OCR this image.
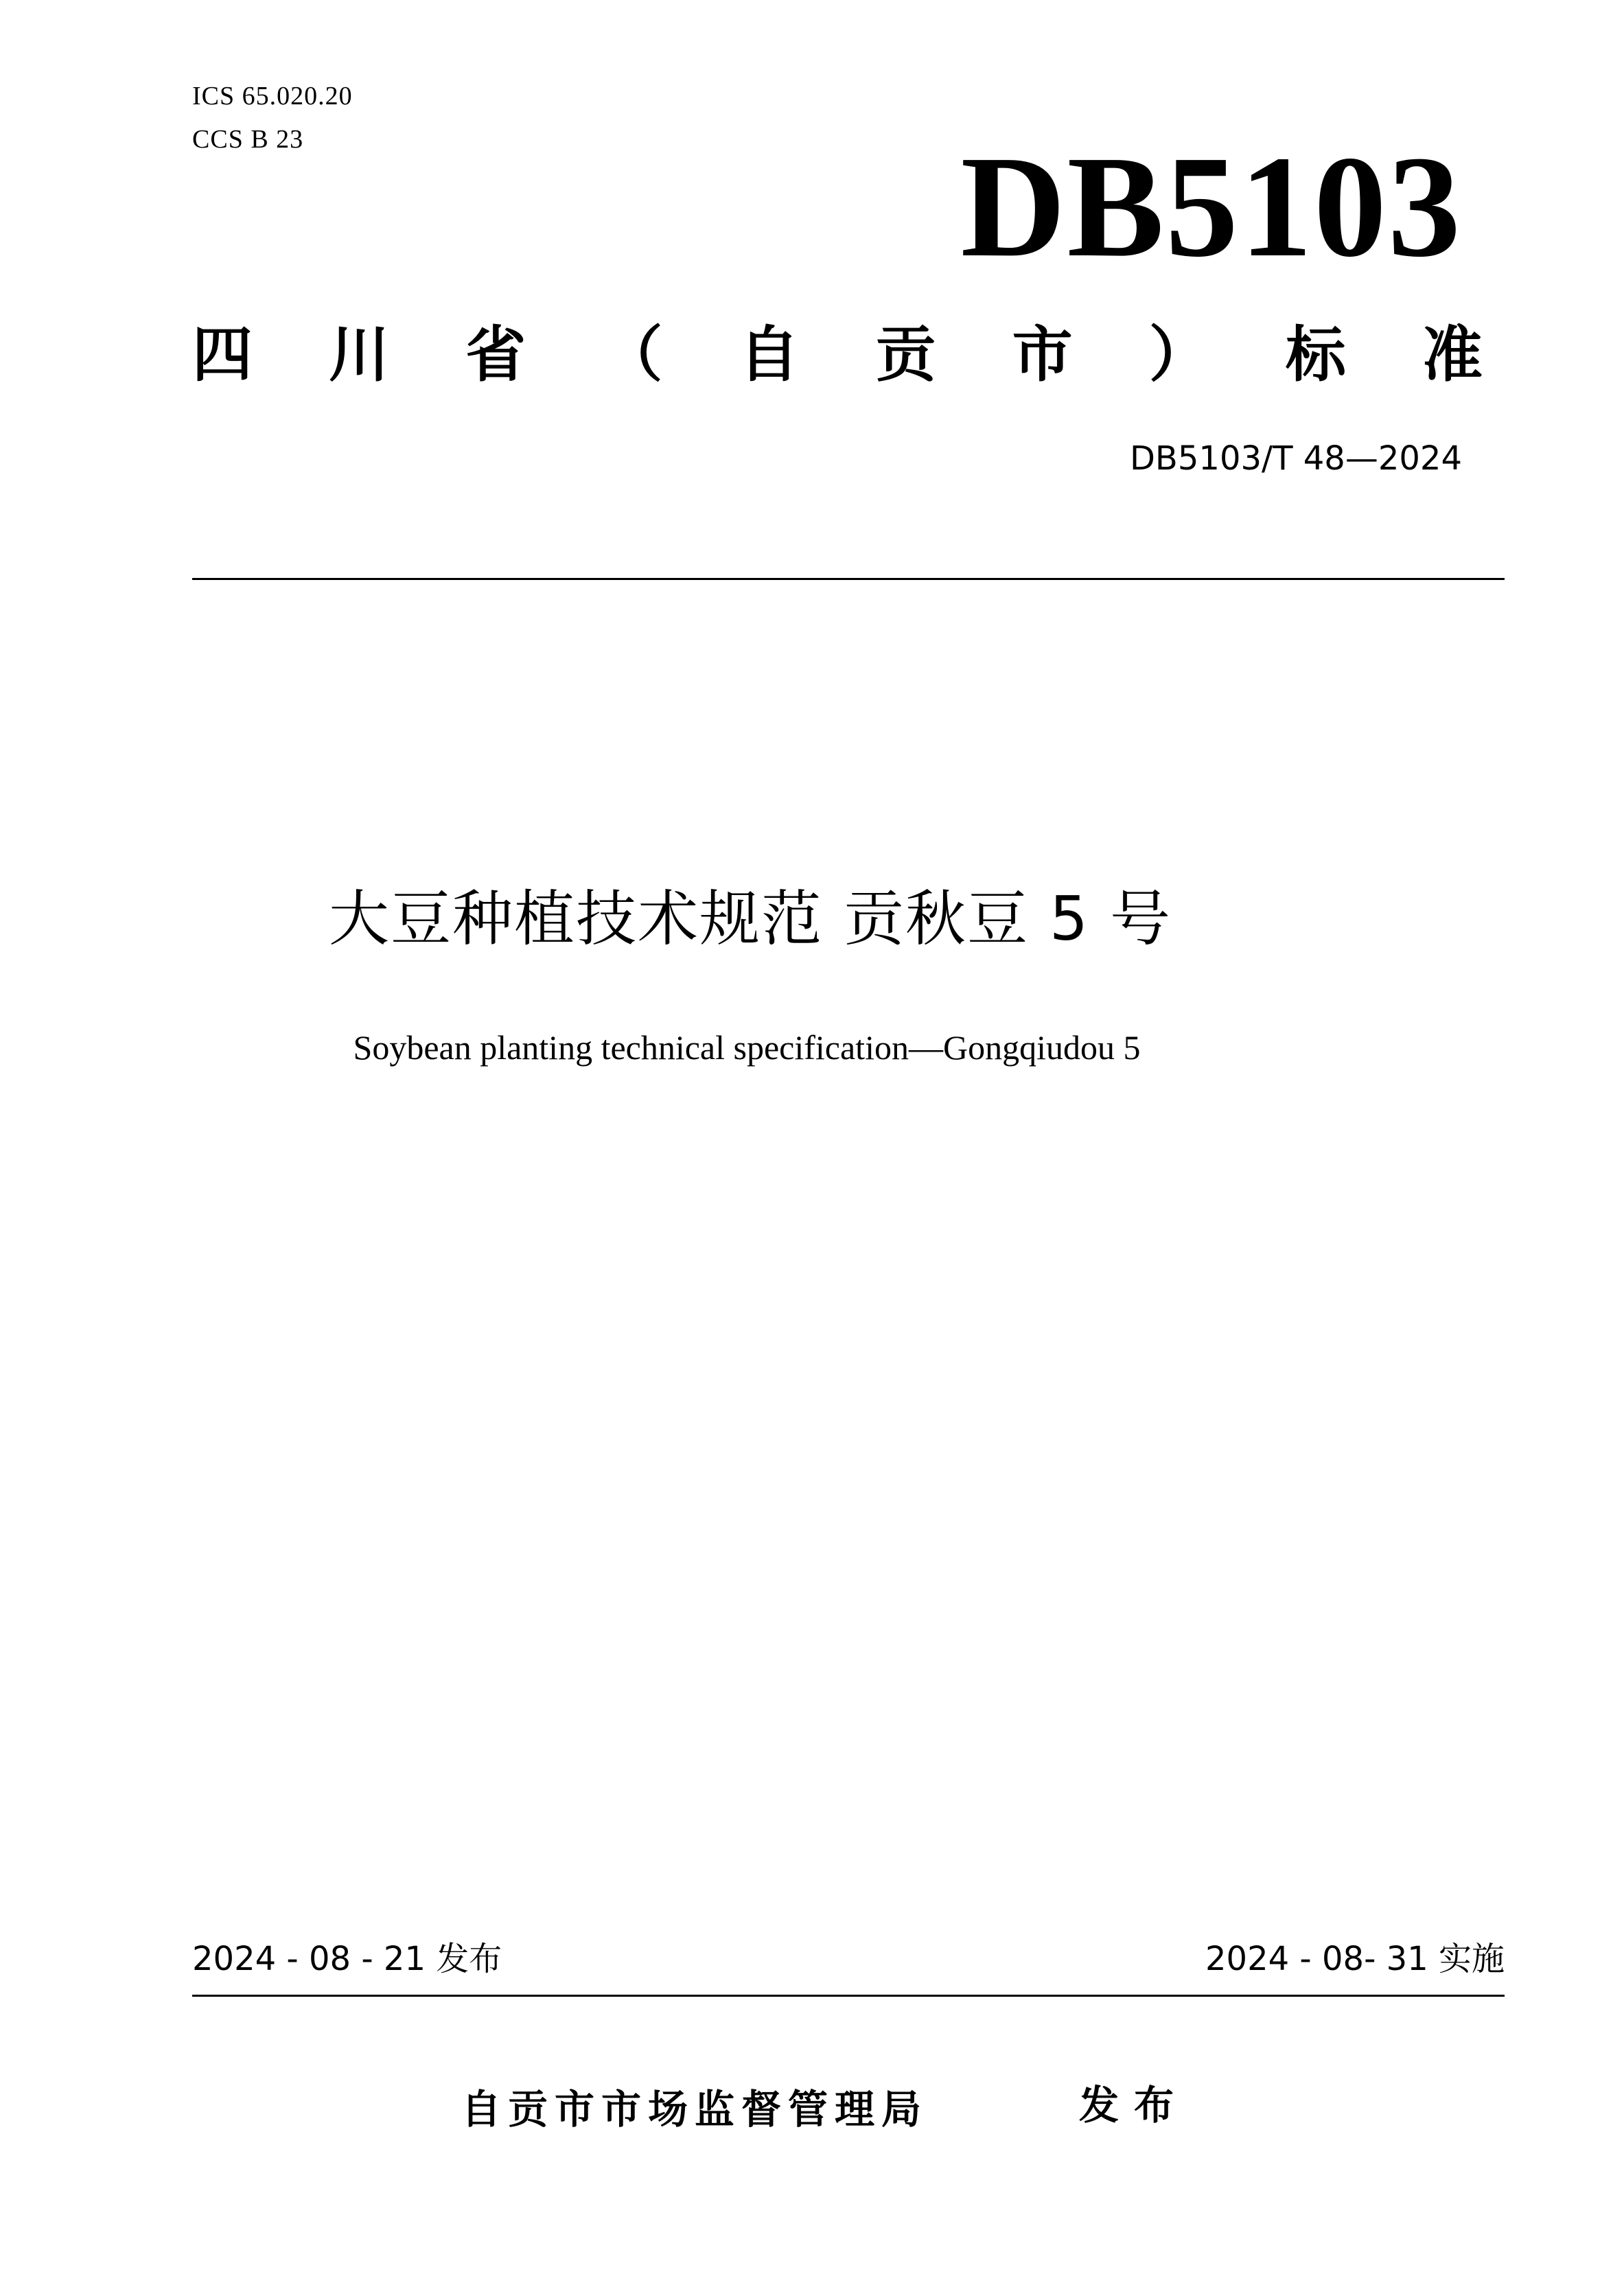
ICS 65.020.20
CCS B 23	DB5103
四 川 省 （ 自 贡 市 ） 标 准
DB5103/T 48—2024
大豆种植技术规范 贡秋豆 5 号
Soybean planting technical specification—Gongqiudou 5
2024 - 08 - 21 发布	2024 - 08- 31 实施
自贡市市场监督管理局	发布
